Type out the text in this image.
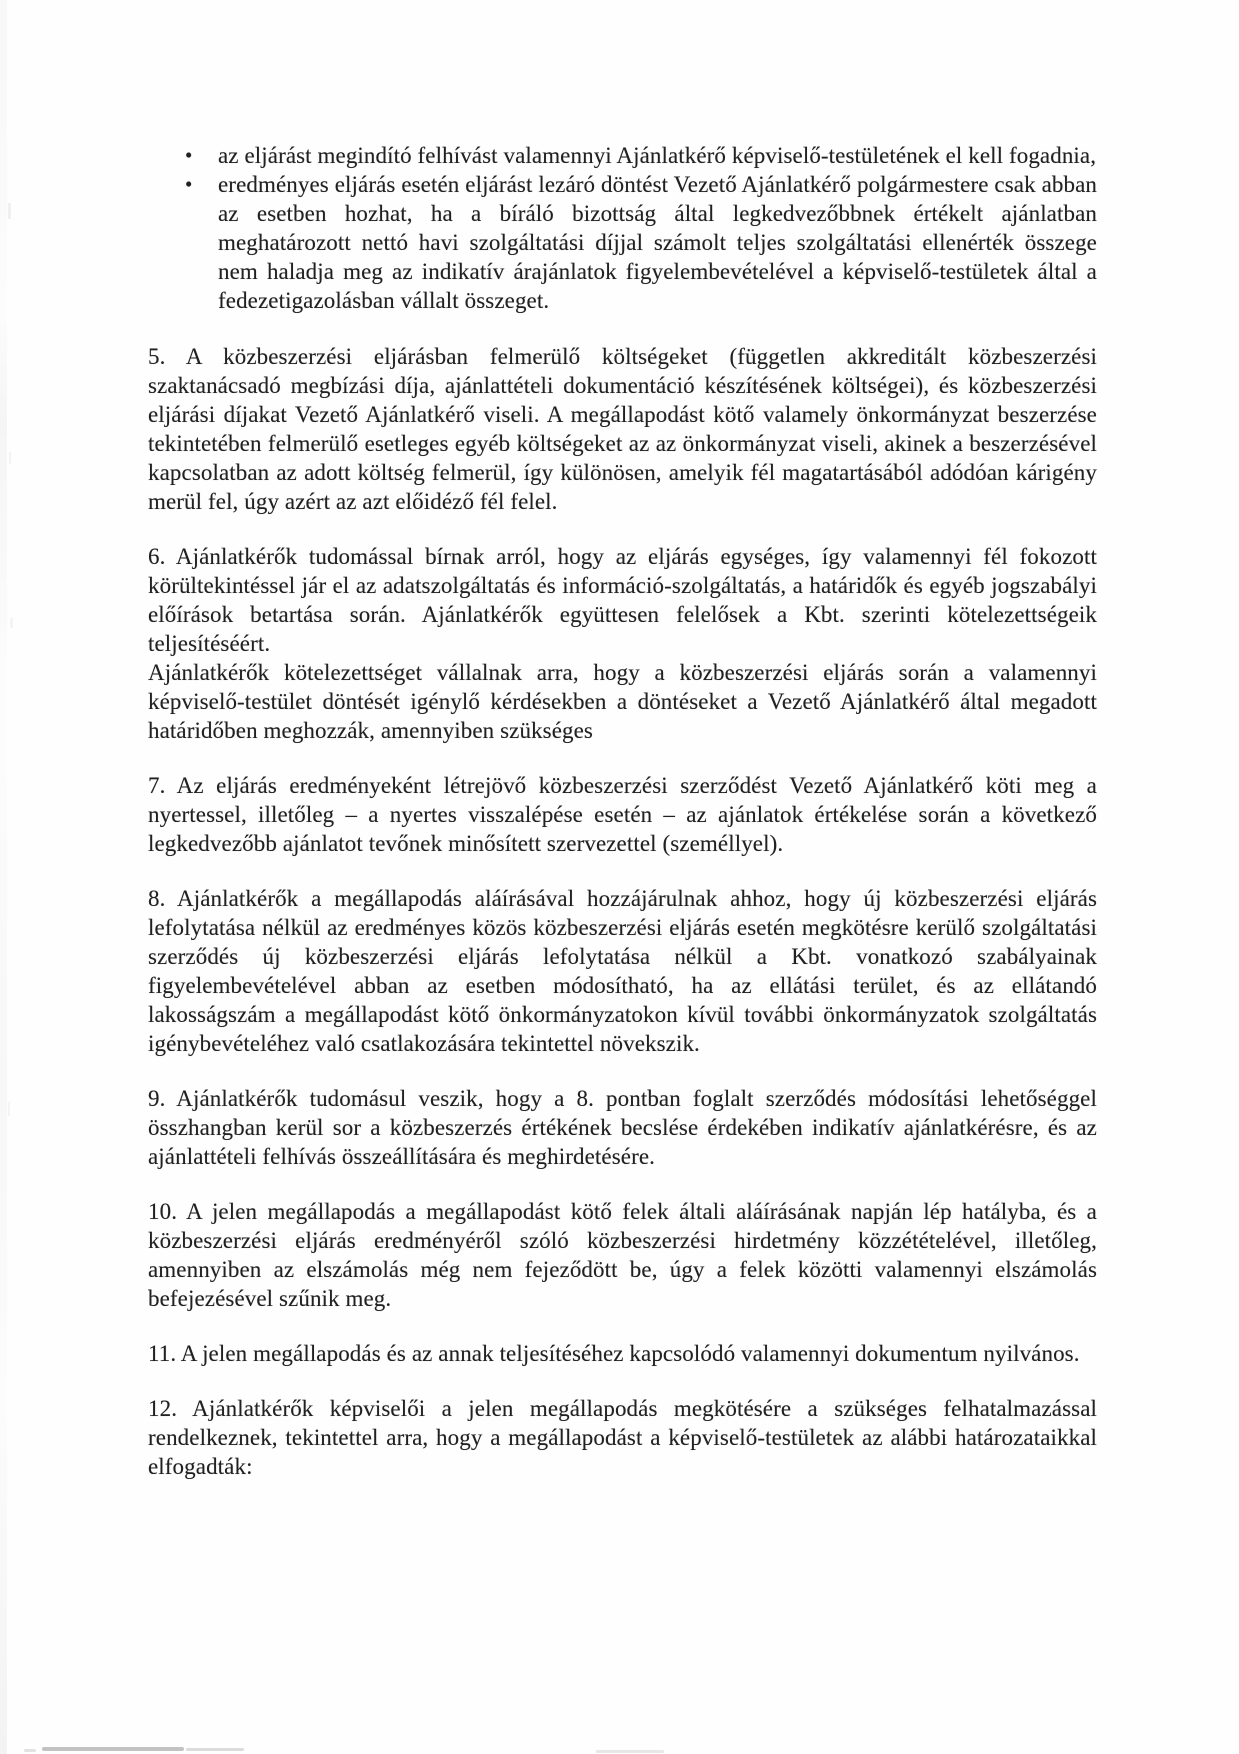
• az eljárást megindító felhívást valamennyi Ajánlatkérő képviselő-testületének el kell fogadnia,
• eredményes eljárás esetén eljárást lezáró döntést Vezető Ajánlatkérő polgármestere csak abban az esetben hozhat, ha a bíráló bizottság által legkedvezőbbnek értékelt ajánlatban meghatározott nettó havi szolgáltatási díjjal számolt teljes szolgáltatási ellenérték összege nem haladja meg az indikatív árajánlatok figyelembevételével a képviselő-testületek által a fedezetigazolásban vállalt összeget.

5. A közbeszerzési eljárásban felmerülő költségeket (független akkreditált közbeszerzési szaktanácsadó megbízási díja, ajánlattételi dokumentáció készítésének költségei), és közbeszerzési eljárási díjakat Vezető Ajánlatkérő viseli. A megállapodást kötő valamely önkormányzat beszerzése tekintetében felmerülő esetleges egyéb költségeket az az önkormányzat viseli, akinek a beszerzésével kapcsolatban az adott költség felmerül, így különösen, amelyik fél magatartásából adódóan kárigény merül fel, úgy azért az azt előidéző fél felel.

6. Ajánlatkérők tudomással bírnak arról, hogy az eljárás egységes, így valamennyi fél fokozott körültekintéssel jár el az adatszolgáltatás és információ-szolgáltatás, a határidők és egyéb jogszabályi előírások betartása során. Ajánlatkérők együttesen felelősek a Kbt. szerinti kötelezettségeik teljesítéséért.

Ajánlatkérők kötelezettséget vállalnak arra, hogy a közbeszerzési eljárás során a valamennyi képviselő-testület döntését igénylő kérdésekben a döntéseket a Vezető Ajánlatkérő által megadott határidőben meghozzák, amennyiben szükséges

7. Az eljárás eredményeként létrejövő közbeszerzési szerződést Vezető Ajánlatkérő köti meg a nyertessel, illetőleg – a nyertes visszalépése esetén – az ajánlatok értékelése során a következő legkedvezőbb ajánlatot tevőnek minősített szervezettel (személlyel).

8. Ajánlatkérők a megállapodás aláírásával hozzájárulnak ahhoz, hogy új közbeszerzési eljárás lefolytatása nélkül az eredményes közös közbeszerzési eljárás esetén megkötésre kerülő szolgáltatási szerződés új közbeszerzési eljárás lefolytatása nélkül a Kbt. vonatkozó szabályainak figyelembevételével abban az esetben módosítható, ha az ellátási terület, és az ellátandó lakosságszám a megállapodást kötő önkormányzatokon kívül további önkormányzatok szolgáltatás igénybevételéhez való csatlakozására tekintettel növekszik.

9. Ajánlatkérők tudomásul veszik, hogy a 8. pontban foglalt szerződés módosítási lehetőséggel összhangban kerül sor a közbeszerzés értékének becslése érdekében indikatív ajánlatkérésre, és az ajánlattételi felhívás összeállítására és meghirdetésére.

10. A jelen megállapodás a megállapodást kötő felek általi aláírásának napján lép hatályba, és a közbeszerzési eljárás eredményéről szóló közbeszerzési hirdetmény közzétételével, illetőleg, amennyiben az elszámolás még nem fejeződött be, úgy a felek közötti valamennyi elszámolás befejezésével szűnik meg.

11. A jelen megállapodás és az annak teljesítéséhez kapcsolódó valamennyi dokumentum nyilvános.

12. Ajánlatkérők képviselői a jelen megállapodás megkötésére a szükséges felhatalmazással rendelkeznek, tekintettel arra, hogy a megállapodást a képviselő-testületek az alábbi határozataikkal elfogadták:
